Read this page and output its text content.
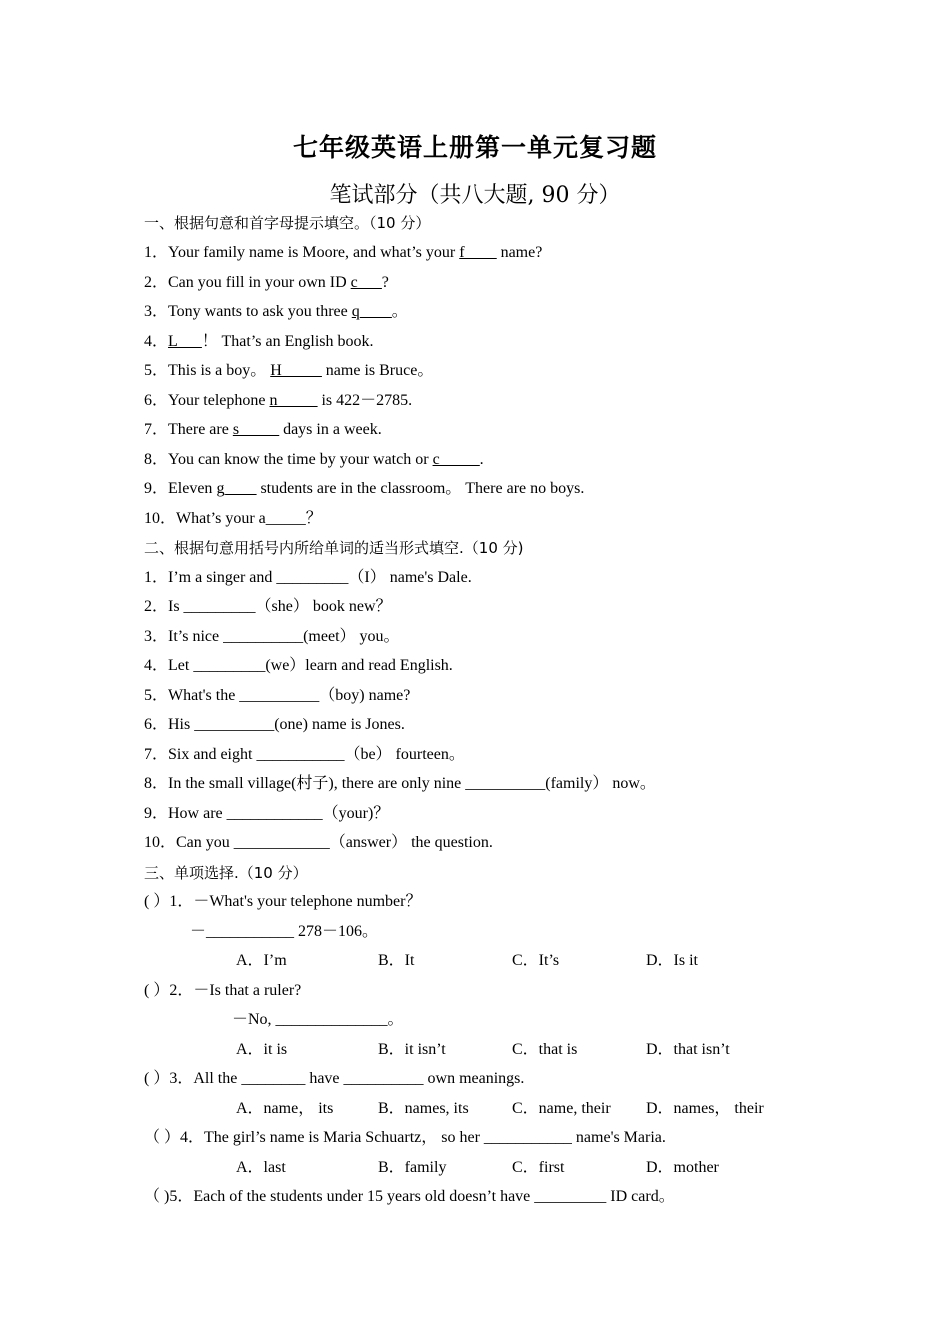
七年级英语上册第一单元复习题
笔试部分（共八大题, 90 分）
一、根据句意和首字母提示填空。（10 分）
1．Your family name is Moore, and what’s your f____ name?
2．Can you fill in your own ID c___?
3．Tony wants to ask you three q____。
4．L___！ That’s an English book.
5．This is a boy。 H_____ name is Bruce。
6．Your telephone n_____ is 422－2785.
7．There are s_____ days in a week.
8．You can know the time by your watch or c_____.
9．Eleven g____ students are in the classroom。 There are no boys.
10．What’s your a_____？
二、根据句意用括号内所给单词的适当形式填空.（10 分)
1．I’m a singer and _________（I） name's Dale.
2．Is _________（she） book new？
3．It’s nice __________(meet） you。
4．Let _________(we）learn and read English.
5．What's the __________（boy) name?
6．His __________(one) name is Jones.
7．Six and eight ___________（be） fourteen。
8．In the small village(村子), there are only nine __________(family） now。
9．How are ____________（your)？
10．Can you ____________（answer） the question.
三、单项选择.（10 分）
( ）1．－What's your telephone number？
－___________ 278－106。
A．I’m	B．It	C．It’s	D．Is it
( ）2．－Is that a ruler?
－No, ______________。
A．it is	B．it isn’t	C．that is	D．that isn’t
( ）3．All the ________ have __________ own meanings.
A．name， its	B．names, its	C．name, their D．names， their
（ ）4．The girl’s name is Maria Schuartz， so her ___________ name's Maria.
A．last	B．family	C．first	D．mother
（ )5．Each of the students under 15 years old doesn’t have _________ ID card。
